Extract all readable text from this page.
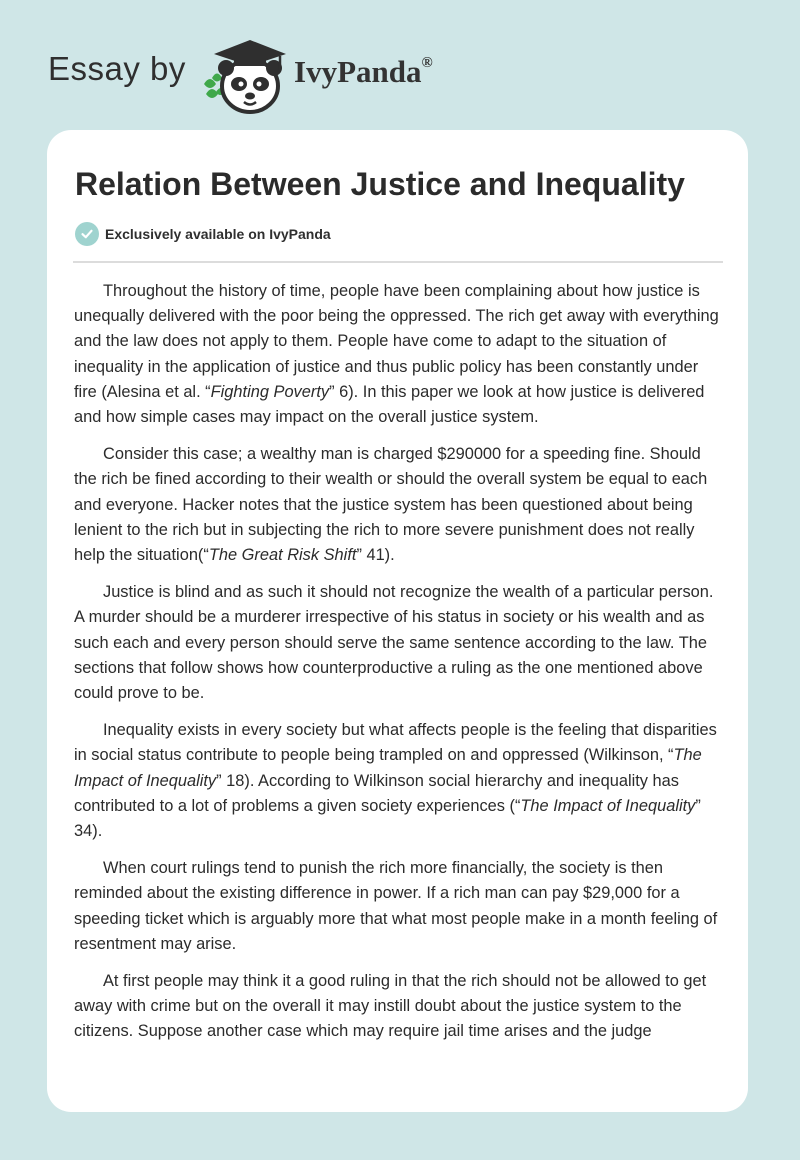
Essay by	IvyPanda®
Relation Between Justice and Inequality
Exclusively available on IvyPanda

Throughout the history of time, people have been complaining about how justice is unequally delivered with the poor being the oppressed. The rich get away with everything and the law does not apply to them. People have come to adapt to the situation of inequality in the application of justice and thus public policy has been constantly under fire (Alesina et al. “Fighting Poverty” 6). In this paper we look at how justice is delivered and how simple cases may impact on the overall justice system.

Consider this case; a wealthy man is charged $290000 for a speeding fine. Should the rich be fined according to their wealth or should the overall system be equal to each and everyone. Hacker notes that the justice system has been questioned about being lenient to the rich but in subjecting the rich to more severe punishment does not really help the situation(“The Great Risk Shift” 41).

Justice is blind and as such it should not recognize the wealth of a particular person. A murder should be a murderer irrespective of his status in society or his wealth and as such each and every person should serve the same sentence according to the law. The sections that follow shows how counterproductive a ruling as the one mentioned above could prove to be.

Inequality exists in every society but what affects people is the feeling that disparities in social status contribute to people being trampled on and oppressed (Wilkinson, “The Impact of Inequality” 18). According to Wilkinson social hierarchy and inequality has contributed to a lot of problems a given society experiences (“The Impact of Inequality” 34).

When court rulings tend to punish the rich more financially, the society is then reminded about the existing difference in power. If a rich man can pay $29,000 for a speeding ticket which is arguably more that what most people make in a month feeling of resentment may arise.

At first people may think it a good ruling in that the rich should not be allowed to get away with crime but on the overall it may instill doubt about the justice system to the citizens. Suppose another case which may require jail time arises and the judge
